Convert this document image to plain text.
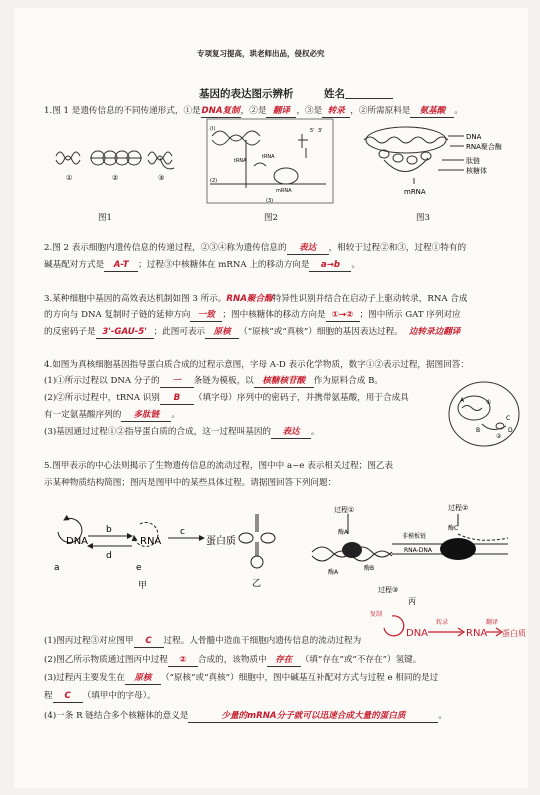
专项复习提高，珙老师出品，侵权必究
基因的表达图示辨析	姓名
1.图 1 是遗传信息的不同传递形式，①是DNA复制，②是 翻译 ，③是 转录 ，②所需原料是 氨基酸 。
①	②	③
图1
tRNA
tRNA
mRNA
5' 3'
(l)
(2)
(3)
图2
DNA
RNA聚合酶
肽链
核糖体
mRNA
图3
2.图 2 表示细胞内遗传信息的传递过程，②③④称为遗传信息的 表达 ，相较于过程②和③，过程①特有的
碱基配对方式是 A-T ；过程③中核糖体在 mRNA 上的移动方向是 a→b 。
3.某种细胞中基因的高效表达机制如图 3 所示。RNA聚合酶特异性识别并结合在启动子上驱动转录，RNA 合成
的方向与 DNA 复制时子链的延伸方向 一致 ；图中核糖体的移动方向是 ①→② ；图中所示 GAT 序列对应
的反密码子是 3'-GAU-5' ；此图可表示 原核 （“原核”或“真核”）细胞的基因表达过程。 边转录边翻译
4.如图为真核细胞基因指导蛋白质合成的过程示意图，字母 A-D 表示化学物质，数字①②表示过程，据图回答：
(1)①所示过程以 DNA 分子的 一 条链为模板，以 核糖核苷酸 作为原料合成 B。
(2)②所示过程中，tRNA 识别 B （填字母）序列中的密码子，并携带氨基酸，用于合成具
有一定氨基酸序列的 多肽链 。
(3)基因通过过程①②指导蛋白质的合成，这一过程叫基因的 表达 。
A	①
B
②
C
D
5.图甲表示的中心法则揭示了生物遗传信息的流动过程，图中中 a~e 表示相关过程；图乙表
示某种物质结构简图；图丙是图甲中的某些具体过程。请据图回答下列问题：
DNA	RNA	蛋白质
a
b	c
d
e
甲	乙
过程①	过程②
过程③
酶A
酶A
酶B
酶C
非模板链
RNA-DNA
丙
DNA
复制
转录
RNA
翻译
蛋白质
(1)图丙过程③对应图甲 C 过程。人骨髓中造血干细胞内遗传信息的流动过程为
(2)图乙所示物质通过图丙中过程 ② 合成的，该物质中 存在 （填“存在”或“不存在”）氢键。
(3)过程丙主要发生在 原核 （“原核”或“真核”）细胞中，图中碱基互补配对方式与过程 e 相同的是过
程 C （填甲中的字母）。
(4)一条 R 链结合多个核糖体的意义是	少量的mRNA分子就可以迅速合成大量的蛋白质	。
